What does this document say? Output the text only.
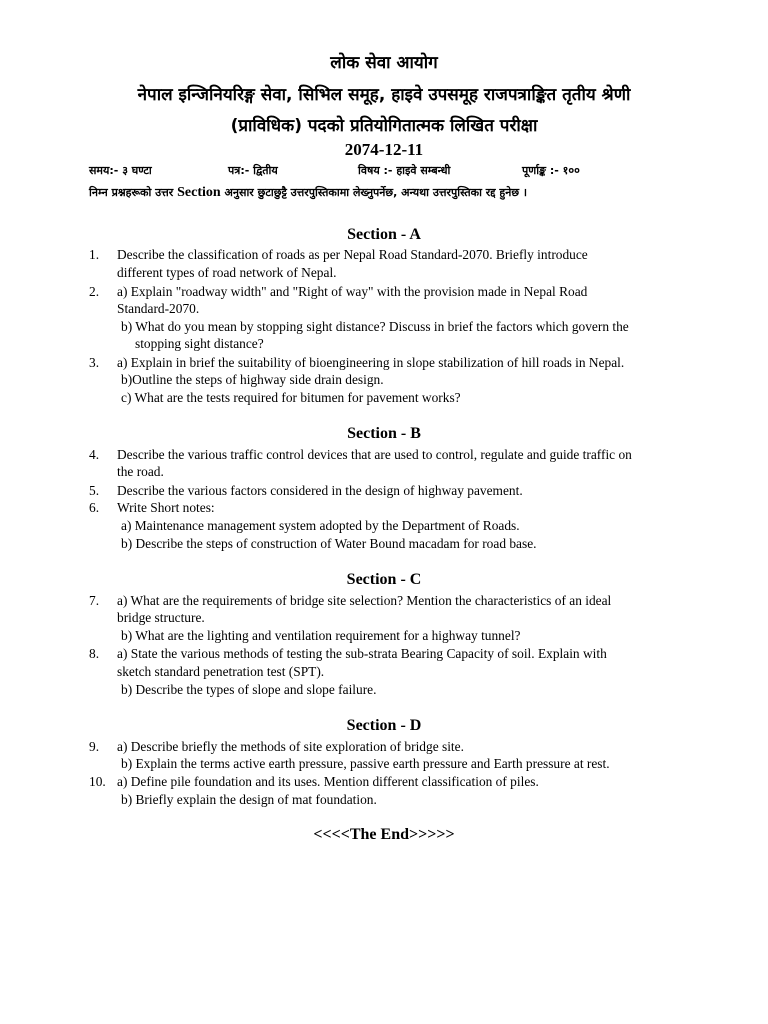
लोक सेवा आयोग
नेपाल इन्जिनियरिङ्ग सेवा, सिभिल समूह, हाइवे उपसमूह राजपत्राङ्कित तृतीय श्रेणी
(प्राविधिक) पदको प्रतियोगितात्मक लिखित परीक्षा
2074-12-11
समय:- ३ घण्टा	पत्र:- द्वितीय	विषय :- हाइवे सम्बन्धी	पूर्णाङ्क :- १००
निम्न प्रश्नहरूको उत्तर Section अनुसार छुटाछुट्टै उत्तरपुस्तिकामा लेख्नुपर्नेछ, अन्यथा उत्तरपुस्तिका रद्द हुनेछ ।
Section - A
1. Describe the classification of roads as per Nepal Road Standard-2070. Briefly introduce
different types of road network of Nepal.
2. a) Explain "roadway width" and "Right of way" with the provision made in Nepal Road
Standard-2070.
b) What do you mean by stopping sight distance? Discuss in brief the factors which govern the
stopping sight distance?
3. a) Explain in brief the suitability of bioengineering in slope stabilization of hill roads in Nepal.
b)Outline the steps of highway side drain design.
c) What are the tests required for bitumen for pavement works?
Section - B
4. Describe the various traffic control devices that are used to control, regulate and guide traffic on
the road.
5. Describe the various factors considered in the design of highway pavement.
6. Write Short notes:
a) Maintenance management system adopted by the Department of Roads.
b) Describe the steps of construction of Water Bound macadam for road base.
Section - C
7. a) What are the requirements of bridge site selection? Mention the characteristics of an ideal
bridge structure.
b) What are the lighting and ventilation requirement for a highway tunnel?
8. a) State the various methods of testing the sub-strata Bearing Capacity of soil. Explain with
sketch standard penetration test (SPT).
b) Describe the types of slope and slope failure.
Section - D
9. a) Describe briefly the methods of site exploration of bridge site.
b) Explain the terms active earth pressure, passive earth pressure and Earth pressure at rest.
10. a) Define pile foundation and its uses. Mention different classification of piles.
b) Briefly explain the design of mat foundation.
<<<<The End>>>>>
